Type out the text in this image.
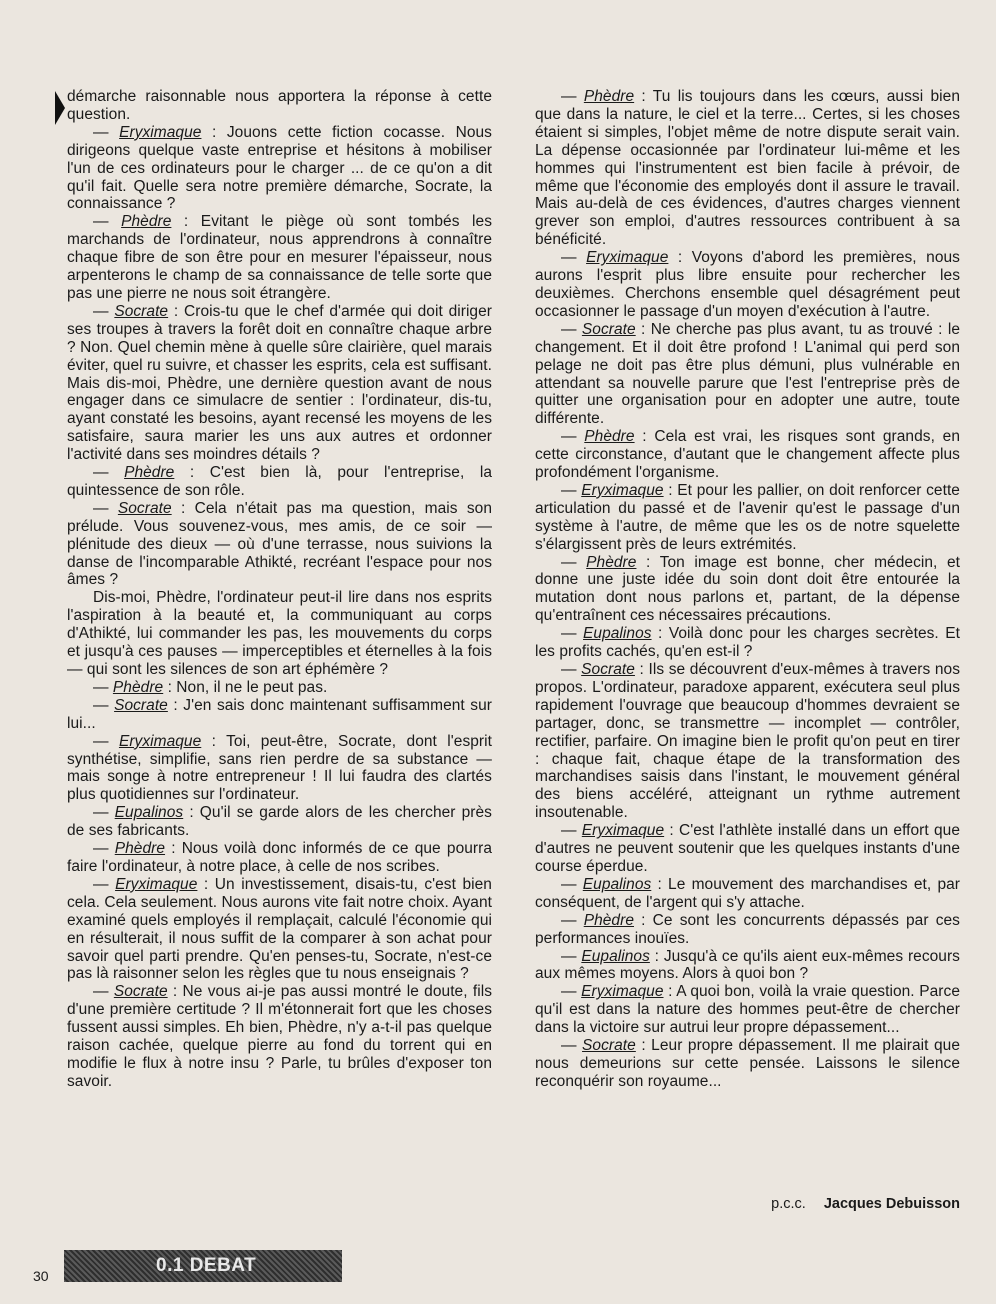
démarche raisonnable nous apportera la réponse à cette question.

— Eryximaque : Jouons cette fiction cocasse. Nous dirigeons quelque vaste entreprise et hésitons à mobiliser l'un de ces ordinateurs pour le charger ... de ce qu'on a dit qu'il fait. Quelle sera notre première démarche, Socrate, la connaissance ?

— Phèdre : Evitant le piège où sont tombés les marchands de l'ordinateur, nous apprendrons à connaître chaque fibre de son être pour en mesurer l'épaisseur, nous arpenterons le champ de sa connaissance de telle sorte que pas une pierre ne nous soit étrangère.

— Socrate : Crois-tu que le chef d'armée qui doit diriger ses troupes à travers la forêt doit en connaître chaque arbre ? Non. Quel chemin mène à quelle sûre clairière, quel marais éviter, quel ru suivre, et chasser les esprits, cela est suffisant. Mais dis-moi, Phèdre, une dernière question avant de nous engager dans ce simulacre de sentier : l'ordinateur, dis-tu, ayant constaté les besoins, ayant recensé les moyens de les satisfaire, saura marier les uns aux autres et ordonner l'activité dans ses moindres détails ?

— Phèdre : C'est bien là, pour l'entreprise, la quintessence de son rôle.

— Socrate : Cela n'était pas ma question, mais son prélude. Vous souvenez-vous, mes amis, de ce soir — plénitude des dieux — où d'une terrasse, nous suivions la danse de l'incomparable Athikté, recréant l'espace pour nos âmes ?

Dis-moi, Phèdre, l'ordinateur peut-il lire dans nos esprits l'aspiration à la beauté et, la communiquant au corps d'Athikté, lui commander les pas, les mouvements du corps et jusqu'à ces pauses — imperceptibles et éternelles à la fois — qui sont les silences de son art éphémère ?

— Phèdre : Non, il ne le peut pas.

— Socrate : J'en sais donc maintenant suffisamment sur lui...

— Eryximaque : Toi, peut-être, Socrate, dont l'esprit synthétise, simplifie, sans rien perdre de sa substance — mais songe à notre entrepreneur ! Il lui faudra des clartés plus quotidiennes sur l'ordinateur.

— Eupalinos : Qu'il se garde alors de les chercher près de ses fabricants.

— Phèdre : Nous voilà donc informés de ce que pourra faire l'ordinateur, à notre place, à celle de nos scribes.

— Eryximaque : Un investissement, disais-tu, c'est bien cela. Cela seulement. Nous aurons vite fait notre choix. Ayant examiné quels employés il remplaçait, calculé l'économie qui en résulterait, il nous suffit de la comparer à son achat pour savoir quel parti prendre. Qu'en penses-tu, Socrate, n'est-ce pas là raisonner selon les règles que tu nous enseignais ?

— Socrate : Ne vous ai-je pas aussi montré le doute, fils d'une première certitude ? Il m'étonnerait fort que les choses fussent aussi simples. Eh bien, Phèdre, n'y a-t-il pas quelque raison cachée, quelque pierre au fond du torrent qui en modifie le flux à notre insu ? Parle, tu brûles d'exposer ton savoir.

— Phèdre : Tu lis toujours dans les cœurs, aussi bien que dans la nature, le ciel et la terre... Certes, si les choses étaient si simples, l'objet même de notre dispute serait vain. La dépense occasionnée par l'ordinateur lui-même et les hommes qui l'instrumentent est bien facile à prévoir, de même que l'économie des employés dont il assure le travail. Mais au-delà de ces évidences, d'autres charges viennent grever son emploi, d'autres ressources contribuent à sa bénéficité.

— Eryximaque : Voyons d'abord les premières, nous aurons l'esprit plus libre ensuite pour rechercher les deuxièmes. Cherchons ensemble quel désagrément peut occasionner le passage d'un moyen d'exécution à l'autre.

— Socrate : Ne cherche pas plus avant, tu as trouvé : le changement. Et il doit être profond ! L'animal qui perd son pelage ne doit pas être plus démuni, plus vulnérable en attendant sa nouvelle parure que l'est l'entreprise près de quitter une organisation pour en adopter une autre, toute différente.

— Phèdre : Cela est vrai, les risques sont grands, en cette circonstance, d'autant que le changement affecte plus profondément l'organisme.

— Eryximaque : Et pour les pallier, on doit renforcer cette articulation du passé et de l'avenir qu'est le passage d'un système à l'autre, de même que les os de notre squelette s'élargissent près de leurs extrémités.

— Phèdre : Ton image est bonne, cher médecin, et donne une juste idée du soin dont doit être entourée la mutation dont nous parlons et, partant, de la dépense qu'entraînent ces nécessaires précautions.

— Eupalinos : Voilà donc pour les charges secrètes. Et les profits cachés, qu'en est-il ?

— Socrate : Ils se découvrent d'eux-mêmes à travers nos propos. L'ordinateur, paradoxe apparent, exécutera seul plus rapidement l'ouvrage que beaucoup d'hommes devraient se partager, donc, se transmettre — incomplet — contrôler, rectifier, parfaire. On imagine bien le profit qu'on peut en tirer : chaque fait, chaque étape de la transformation des marchandises saisis dans l'instant, le mouvement général des biens accéléré, atteignant un rythme autrement insoutenable.

— Eryximaque : C'est l'athlète installé dans un effort que d'autres ne peuvent soutenir que les quelques instants d'une course éperdue.

— Eupalinos : Le mouvement des marchandises et, par conséquent, de l'argent qui s'y attache.

— Phèdre : Ce sont les concurrents dépassés par ces performances inouïes.

— Eupalinos : Jusqu'à ce qu'ils aient eux-mêmes recours aux mêmes moyens. Alors à quoi bon ?

— Eryximaque : A quoi bon, voilà la vraie question. Parce qu'il est dans la nature des hommes peut-être de chercher dans la victoire sur autrui leur propre dépassement...

— Socrate : Leur propre dépassement. Il me plairait que nous demeurions sur cette pensée. Laissons le silence reconquérir son royaume...

p.c.c. Jacques Debuisson
30	0.1 DEBAT
